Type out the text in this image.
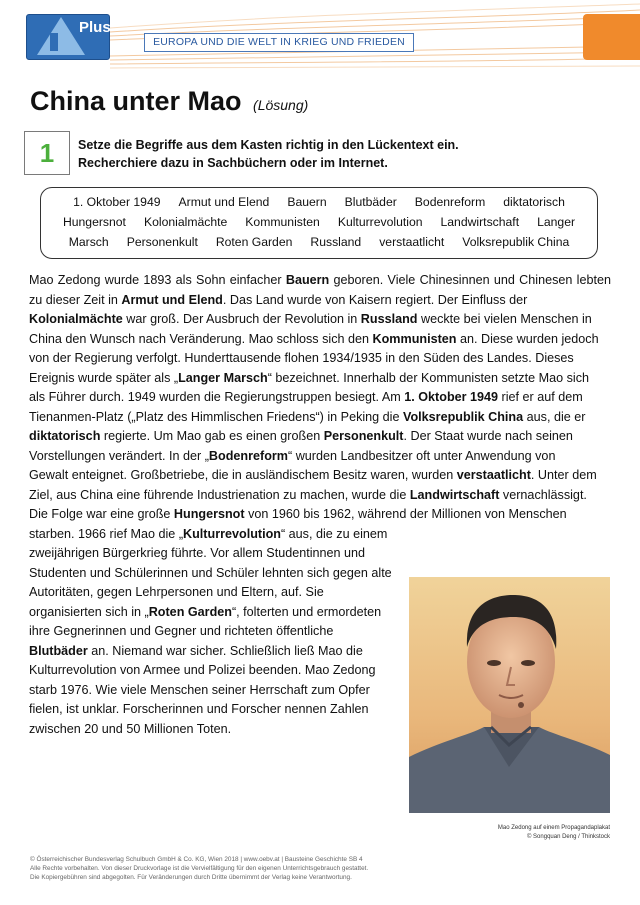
Plus
EUROPA UND DIE WELT IN KRIEG UND FRIEDEN
China unter Mao (Lösung)
1	Setze die Begriffe aus dem Kasten richtig in den Lückentext ein.
Recherchiere dazu in Sachbüchern oder im Internet.
1. Oktober 1949 Armut und Elend Bauern Blutbäder Bodenreform diktatorisch
Hungersnot Kolonialmächte Kommunisten Kulturrevolution Landwirtschaft Langer
Marsch Personenkult Roten Garden Russland verstaatlicht Volksrepublik China
Mao Zedong wurde 1893 als Sohn einfacher Bauern geboren. Viele Chinesinnen und Chinesen lebten
zu dieser Zeit in Armut und Elend. Das Land wurde von Kaisern regiert. Der Einfluss der
Kolonialmächte war groß. Der Ausbruch der Revolution in Russland weckte bei vielen Menschen in
China den Wunsch nach Veränderung. Mao schloss sich den Kommunisten an. Diese wurden jedoch
von der Regierung verfolgt. Hunderttausende flohen 1934/1935 in den Süden des Landes. Dieses
Ereignis wurde später als „Langer Marsch“ bezeichnet. Innerhalb der Kommunisten setzte Mao sich
als Führer durch. 1949 wurden die Regierungstruppen besiegt. Am 1. Oktober 1949 rief er auf dem
Tienanmen-Platz („Platz des Himmlischen Friedens“) in Peking die Volksrepublik China aus, die er
diktatorisch regierte. Um Mao gab es einen großen Personenkult. Der Staat wurde nach seinen
Vorstellungen verändert. In der „Bodenreform“ wurden Landbesitzer oft unter Anwendung von
Gewalt enteignet. Großbetriebe, die in ausländischem Besitz waren, wurden verstaatlicht. Unter dem
Ziel, aus China eine führende Industrienation zu machen, wurde die Landwirtschaft vernachlässigt.
Die Folge war eine große Hungersnot von 1960 bis 1962, während der Millionen von Menschen
starben. 1966 rief Mao die „Kulturrevolution“ aus, die zu einem
zweijährigen Bürgerkrieg führte. Vor allem Studentinnen und
Studenten und Schülerinnen und Schüler lehnten sich gegen alte
Autoritäten, gegen Lehrpersonen und Eltern, auf. Sie
organisierten sich in „Roten Garden“, folterten und ermordeten
ihre Gegnerinnen und Gegner und richteten öffentliche
Blutbäder an. Niemand war sicher. Schließlich ließ Mao die
Kulturrevolution von Armee und Polizei beenden. Mao Zedong
starb 1976. Wie viele Menschen seiner Herrschaft zum Opfer
fielen, ist unklar. Forscherinnen und Forscher nennen Zahlen
zwischen 20 und 50 Millionen Toten.
Mao Zedong auf einem Propagandaplakat
© Songquan Deng / Thinkstock
© Österreichischer Bundesverlag Schulbuch GmbH & Co. KG, Wien 2018 | www.oebv.at | Bausteine Geschichte SB 4
Alle Rechte vorbehalten. Von dieser Druckvorlage ist die Vervielfältigung für den eigenen Unterrichtsgebrauch gestattet.
Die Kopiergebühren sind abgegolten. Für Veränderungen durch Dritte übernimmt der Verlag keine Verantwortung.
